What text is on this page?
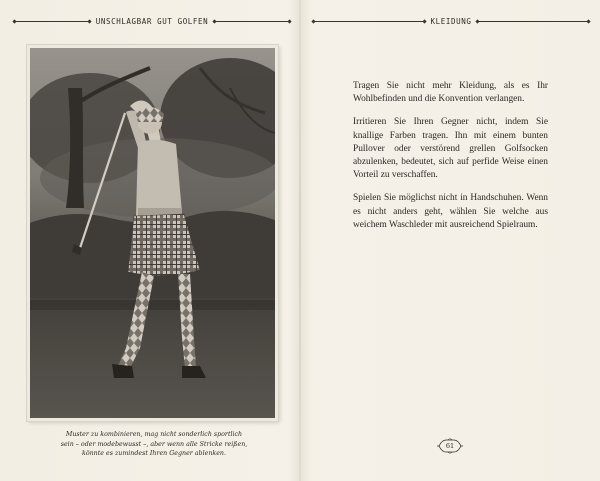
UNSCHLAGBAR GUT GOLFEN
Muster zu kombinieren, mag nicht sonderlich sportlich
sein – oder modebewusst –, aber wenn alle Stricke reißen,
könnte es zumindest Ihren Gegner ablenken.
KLEIDUNG

Tragen Sie nicht mehr Kleidung, als es Ihr Wohlbefinden und die Konvention verlangen.

Irritieren Sie Ihren Gegner nicht, indem Sie knallige Farben tragen. Ihn mit einem bunten Pullover oder verstörend grellen Golfsocken abzulenken, bedeutet, sich auf perfide Weise einen Vorteil zu verschaffen.

Spielen Sie möglichst nicht in Handschuhen. Wenn es nicht anders geht, wählen Sie welche aus weichem Waschleder mit ausreichend Spielraum.

61
